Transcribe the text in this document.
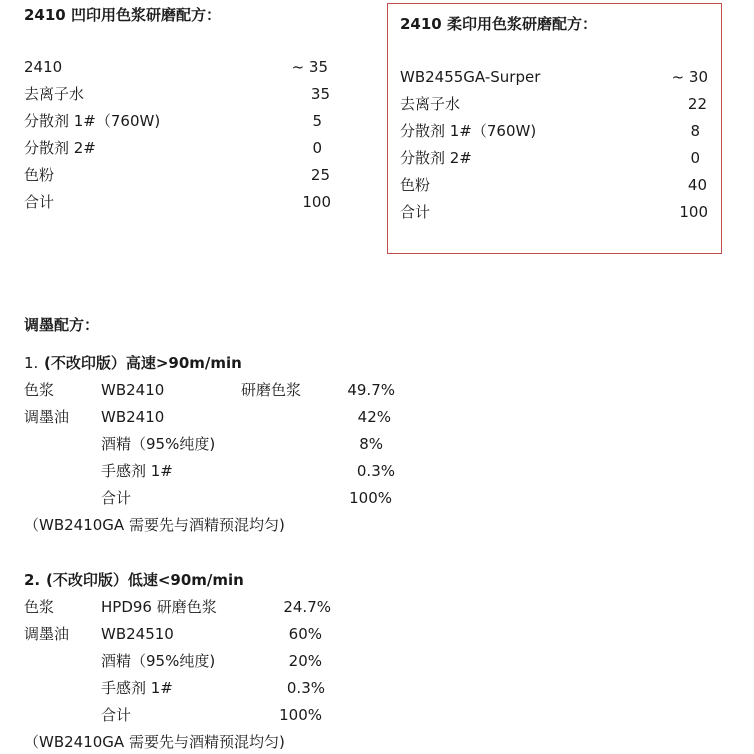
2410 凹印用色浆研磨配方：
2410	~ 35
去离子水	35
分散剂 1#（760W)	5
分散剂 2#	0
色粉	25
合计	100
2410 柔印用色浆研磨配方：
WB2455GA-Surper	~ 30
去离子水	22
分散剂 1#（760W)	8
分散剂 2#	0
色粉	40
合计	100
调墨配方：
1. (不改印版）高速>90m/min
色浆	WB2410	研磨色浆	49.7%
调墨油 WB2410	42%
酒精（95%纯度)	8%
手感剂 1#	0.3%
合计	100%
（WB2410GA 需要先与酒精预混均匀)
2. (不改印版）低速<90m/min
色浆	HPD96 研磨色浆	24.7%
调墨油 WB24510	60%
酒精（95%纯度)	20%
手感剂 1#	0.3%
合计	100%
（WB2410GA 需要先与酒精预混均匀)
